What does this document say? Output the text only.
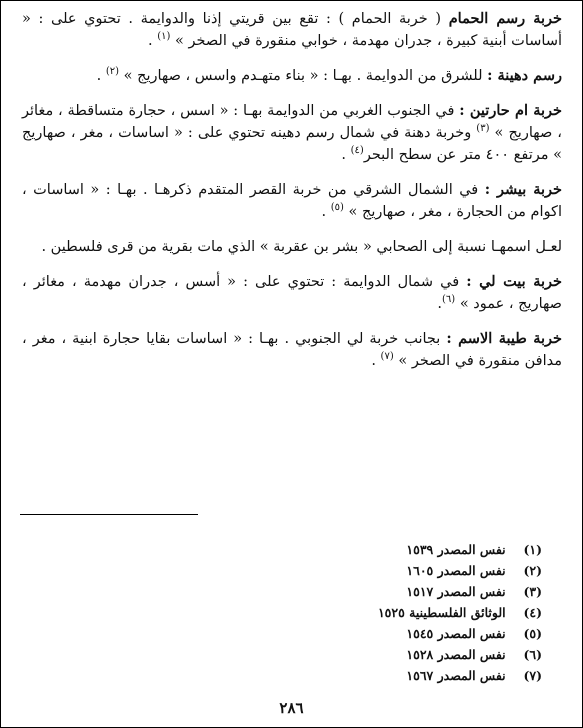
خربة رسم الحمام ( خربة الحمام ) : تقع بين قريتي إذنا والدوايمة . تحتوي على : « أساسات أبنية كبيرة ، جدران مهدمة ، خوابي منقورة في الصخر » $^{(١)}$ .

رسم دهينة : للشرق من الدوايمة . بهـا : « بناء متهـدم واسس ، صهاريج » $^{(٢)}$ .

خربة ام حارتين : في الجنوب الغربي من الدوايمة بهـا : « اسس ، حجارة متساقطة ، مغائر ، صهاريج » $^{(٣)}$ وخربة دهنة في شمال رسم دهينه تحتوي على : « اساسات ، مغر ، صهاريج » مرتفع ٤٠٠ متر عن سطح البحر$^{(٤)}$ .

خربة بيشر : في الشمال الشرقي من خربة القصر المتقدم ذكرهـا . بهـا : « اساسات ، اكوام من الحجارة ، مغر ، صهاريج » $^{(٥)}$ .

لعـل اسمهـا نسبة إلى الصحابي « بشر بن عقربة » الذي مات بقرية من قرى فلسطين .

خربة بيت لي : في شمال الدوايمة : تحتوي على : « أسس ، جدران مهدمة ، مغائر ، صهاريج ، عمود » $^{(٦)}$.

خربة طيبة الاسم : بجانب خربة لي الجنوبي . بهـا : « اساسات بقايا حجارة ابنية ، مغر ، مدافن منقورة في الصخر » $^{(٧)}$ .

(١) نفس المصدر ١٥٣٩
(٢) نفس المصدر ١٦٠٥
(٣) نفس المصدر ١٥١٧
(٤) الوثائق الفلسطينية ١٥٢٥
(٥) نفس المصدر ١٥٤٥
(٦) نفس المصدر ١٥٢٨
(٧) نفس المصدر ١٥٦٧
٢٨٦
